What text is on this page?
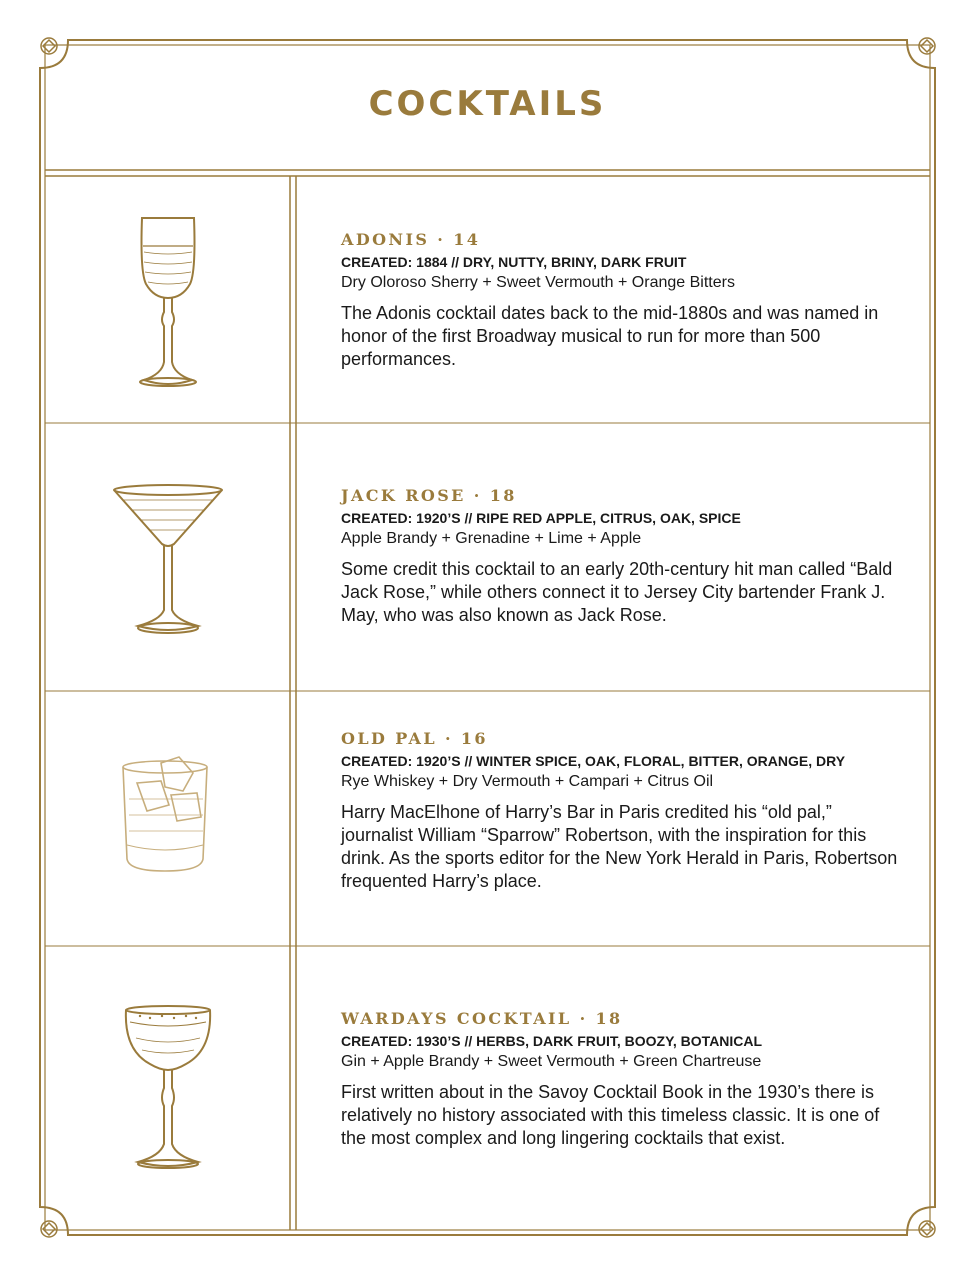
COCKTAILS
ADONIS · 14
CREATED: 1884 // DRY, NUTTY, BRINY, DARK FRUIT
Dry Oloroso Sherry + Sweet Vermouth + Orange Bitters
The Adonis cocktail dates back to the mid-1880s and was named in honor of the first Broadway musical to run for more than 500 performances.
JACK ROSE · 18
CREATED: 1920’S // RIPE RED APPLE, CITRUS, OAK, SPICE
Apple Brandy + Grenadine + Lime + Apple
Some credit this cocktail to an early 20th-century hit man called “Bald Jack Rose,” while others connect it to Jersey City bartender Frank J. May, who was also known as Jack Rose.
OLD PAL · 16
CREATED: 1920’S // WINTER SPICE, OAK, FLORAL, BITTER, ORANGE, DRY
Rye Whiskey + Dry Vermouth + Campari + Citrus Oil
Harry MacElhone of Harry’s Bar in Paris credited his “old pal,” journalist William “Sparrow” Robertson, with the inspiration for this drink. As the sports editor for the New York Herald in Paris, Robertson frequented Harry’s place.
WARDAYS COCKTAIL · 18
CREATED: 1930’S // HERBS, DARK FRUIT, BOOZY, BOTANICAL
Gin + Apple Brandy + Sweet Vermouth + Green Chartreuse
First written about in the Savoy Cocktail Book in the 1930’s there is relatively no history associated with this timeless classic. It is one of the most complex and long lingering cocktails that exist.
